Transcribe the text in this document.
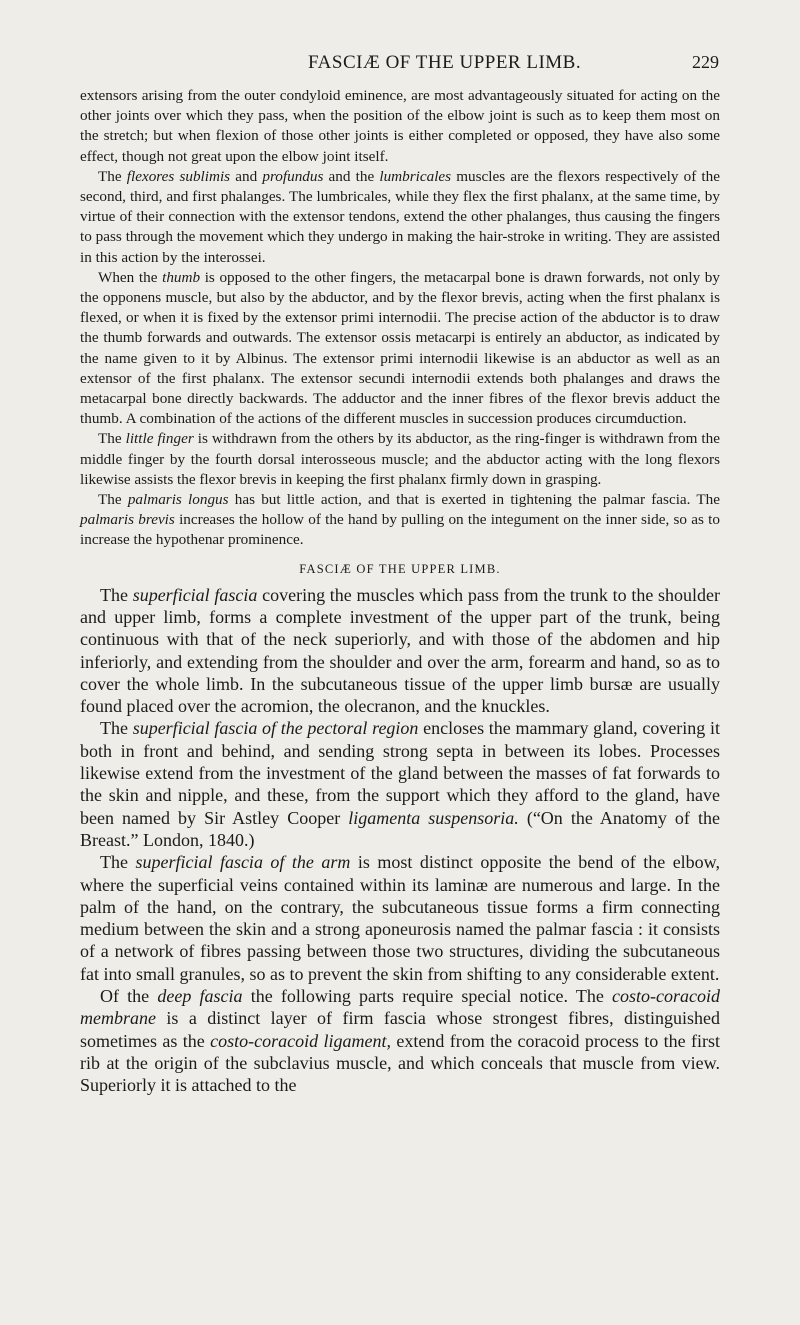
FASCIÆ OF THE UPPER LIMB.	229

extensors arising from the outer condyloid eminence, are most advantageously situated for acting on the other joints over which they pass, when the position of the elbow joint is such as to keep them most on the stretch; but when flexion of those other joints is either completed or opposed, they have also some effect, though not great upon the elbow joint itself.

The flexores sublimis and profundus and the lumbricales muscles are the flexors respectively of the second, third, and first phalanges. The lumbricales, while they flex the first phalanx, at the same time, by virtue of their connection with the extensor tendons, extend the other phalanges, thus causing the fingers to pass through the movement which they undergo in making the hair-stroke in writing. They are assisted in this action by the interossei.

When the thumb is opposed to the other fingers, the metacarpal bone is drawn forwards, not only by the opponens muscle, but also by the abductor, and by the flexor brevis, acting when the first phalanx is flexed, or when it is fixed by the extensor primi internodii. The precise action of the abductor is to draw the thumb forwards and outwards. The extensor ossis metacarpi is entirely an abductor, as indicated by the name given to it by Albinus. The extensor primi internodii likewise is an abductor as well as an extensor of the first phalanx. The extensor secundi internodii extends both phalanges and draws the metacarpal bone directly backwards. The adductor and the inner fibres of the flexor brevis adduct the thumb. A combination of the actions of the different muscles in succession produces circumduction.

The little finger is withdrawn from the others by its abductor, as the ring-finger is withdrawn from the middle finger by the fourth dorsal interosseous muscle; and the abductor acting with the long flexors likewise assists the flexor brevis in keeping the first phalanx firmly down in grasping.

The palmaris longus has but little action, and that is exerted in tightening the palmar fascia. The palmaris brevis increases the hollow of the hand by pulling on the integument on the inner side, so as to increase the hypothenar prominence.

FASCIÆ OF THE UPPER LIMB.

The superficial fascia covering the muscles which pass from the trunk to the shoulder and upper limb, forms a complete investment of the upper part of the trunk, being continuous with that of the neck superiorly, and with those of the abdomen and hip inferiorly, and extending from the shoulder and over the arm, forearm and hand, so as to cover the whole limb. In the subcutaneous tissue of the upper limb bursæ are usually found placed over the acromion, the olecranon, and the knuckles.

The superficial fascia of the pectoral region encloses the mammary gland, covering it both in front and behind, and sending strong septa in between its lobes. Processes likewise extend from the investment of the gland between the masses of fat forwards to the skin and nipple, and these, from the support which they afford to the gland, have been named by Sir Astley Cooper ligamenta suspensoria. (“On the Anatomy of the Breast.” London, 1840.)

The superficial fascia of the arm is most distinct opposite the bend of the elbow, where the superficial veins contained within its laminæ are numerous and large. In the palm of the hand, on the contrary, the subcutaneous tissue forms a firm connecting medium between the skin and a strong aponeurosis named the palmar fascia : it consists of a network of fibres passing between those two structures, dividing the subcutaneous fat into small granules, so as to prevent the skin from shifting to any considerable extent.

Of the deep fascia the following parts require special notice. The costo-coracoid membrane is a distinct layer of firm fascia whose strongest fibres, distinguished sometimes as the costo-coracoid ligament, extend from the coracoid process to the first rib at the origin of the subclavius muscle, and which conceals that muscle from view. Superiorly it is attached to the
